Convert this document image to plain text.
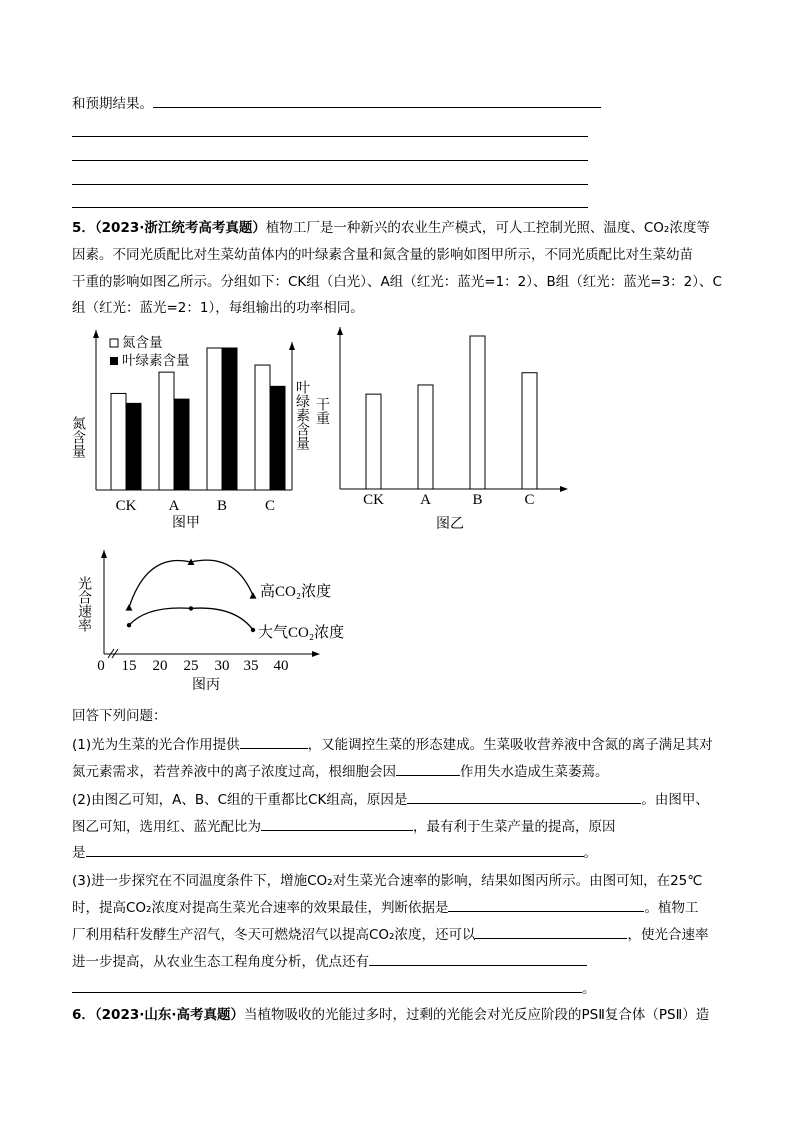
和预期结果。
5．（2023·浙江统考高考真题）植物工厂是一种新兴的农业生产模式，可人工控制光照、温度、CO₂浓度等
因素。不同光质配比对生菜幼苗体内的叶绿素含量和氮含量的影响如图甲所示，不同光质配比对生菜幼苗
干重的影响如图乙所示。分组如下：CK组（白光）、A组（红光：蓝光=1：2）、B组（红光：蓝光=3：2）、C
组（红光：蓝光=2：1），每组输出的功率相同。
CK A	B	C
氮含量
叶绿素含量
氮含量	叶绿素含量
图甲
CK A	B	C
干重
图乙
0 15 20 25 30 35 40
光合速率	高CO₂浓度
大气CO₂浓度
图丙
回答下列问题：
(1)光为生菜的光合作用提供	，又能调控生菜的形态建成。生菜吸收营养液中含氮的离子满足其对
氮元素需求，若营养液中的离子浓度过高，根细胞会因	作用失水造成生菜萎蔫。
(2)由图乙可知，A、B、C组的干重都比CK组高，原因是	。由图甲、
图乙可知，选用红、蓝光配比为	，最有利于生菜产量的提高，原因
是	。
(3)进一步探究在不同温度条件下，增施CO₂对生菜光合速率的影响，结果如图丙所示。由图可知，在25℃
时，提高CO₂浓度对提高生菜光合速率的效果最佳，判断依据是	。植物工
厂利用秸秆发酵生产沼气，冬天可燃烧沼气以提高CO₂浓度，还可以	，使光合速率
进一步提高，从农业生态工程角度分析，优点还有
。
6．（2023·山东·高考真题）当植物吸收的光能过多时，过剩的光能会对光反应阶段的PSⅡ复合体（PSⅡ）造
